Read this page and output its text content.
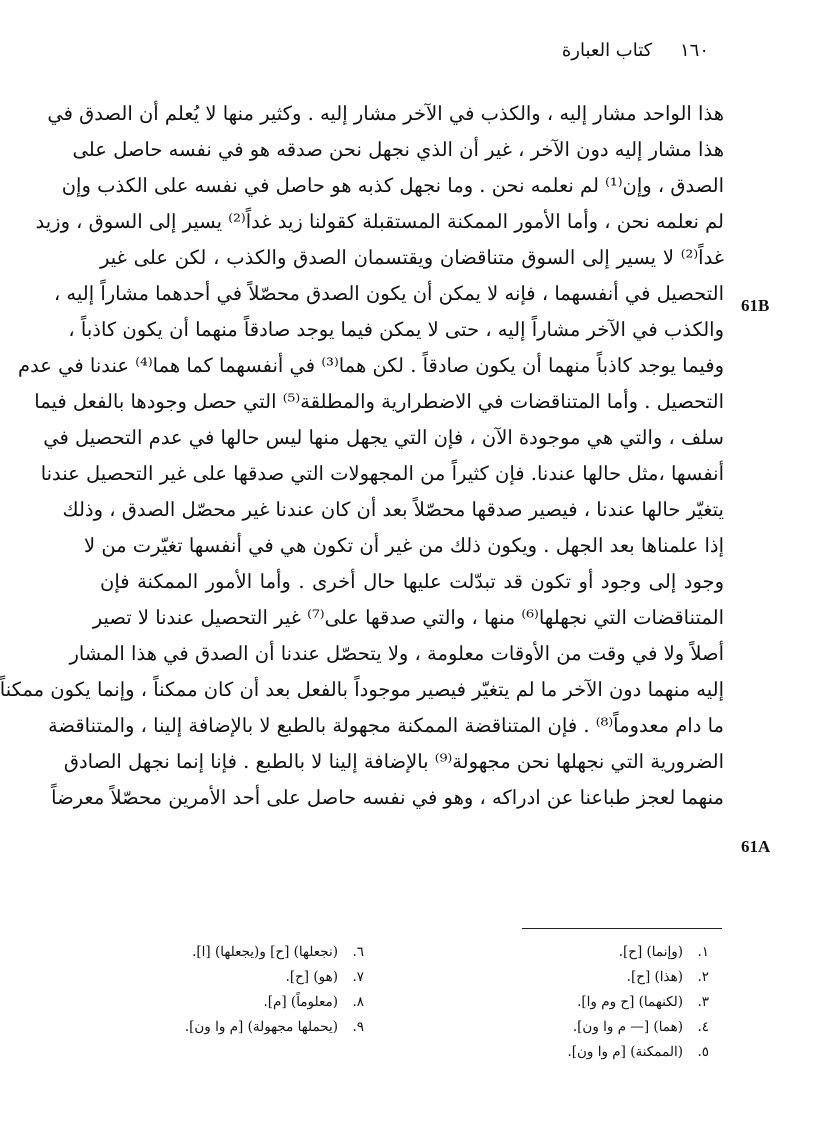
١٦٠ كتاب العبارة
هذا الواحد مشار إليه ، والكذب في الآخر مشار إليه . وكثير منها لا يُعلم أن الصدق في
هذا مشار إليه دون الآخر ، غير أن الذي نجهل نحن صدقه هو في نفسه حاصل على
الصدق ، وإن⁽¹⁾ لم نعلمه نحن . وما نجهل كذبه هو حاصل في نفسه على الكذب وإن
لم نعلمه نحن ، وأما الأمور الممكنة المستقبلة كقولنا زيد غداً⁽²⁾ يسير إلى السوق ، وزيد
غداً⁽²⁾ لا يسير إلى السوق متناقضان ويقتسمان الصدق والكذب ، لكن على غير
التحصيل في أنفسهما ، فإنه لا يمكن أن يكون الصدق محصّلاً في أحدهما مشاراً إليه ،
والكذب في الآخر مشاراً إليه ، حتى لا يمكن فيما يوجد صادقاً منهما أن يكون كاذباً ،
وفيما يوجد كاذباً منهما أن يكون صادقاً . لكن هما⁽³⁾ في أنفسهما كما هما⁽⁴⁾ عندنا في عدم
التحصيل . وأما المتناقضات في الاضطرارية والمطلقة⁽⁵⁾ التي حصل وجودها بالفعل فيما
سلف ، والتي هي موجودة الآن ، فإن التي يجهل منها ليس حالها في عدم التحصيل في
أنفسها ،مثل حالها عندنا. فإن كثيراً من المجهولات التي صدقها على غير التحصيل عندنا
يتغيّر حالها عندنا ، فيصير صدقها محصّلاً بعد أن كان عندنا غير محصّل الصدق ، وذلك
إذا علمناها بعد الجهل . ويكون ذلك من غير أن تكون هي في أنفسها تغيّرت من لا
وجود إلى وجود أو تكون قد تبدّلت عليها حال أخرى . وأما الأمور الممكنة فإن
المتناقضات التي نجهلها⁽⁶⁾ منها ، والتي صدقها على⁽⁷⁾ غير التحصيل عندنا لا تصير
أصلاً ولا في وقت من الأوقات معلومة ، ولا يتحصّل عندنا أن الصدق في هذا المشار
إليه منهما دون الآخر ما لم يتغيّر فيصير موجوداً بالفعل بعد أن كان ممكناً ، وإنما يكون ممكناً
ما دام معدوماً⁽⁸⁾ . فإن المتناقضة الممكنة مجهولة بالطبع لا بالإضافة إلينا ، والمتناقضة
الضرورية التي نجهلها نحن مجهولة⁽⁹⁾ بالإضافة إلينا لا بالطبع . فإنا إنما نجهل الصادق
منهما لعجز طباعنا عن ادراكه ، وهو في نفسه حاصل على أحد الأمرين محصّلاً معرضاً
61B
61A
١.(وإنما) [ح].
٢.(هذا) [ح].
٣.(لكنهما) [ح وم وا].
٤.(هما) [— م وا ون].
٥.(الممكنة) [م وا ون].
٦.(نجعلها) [ح] و(يجعلها) [ا].
٧.(هو) [ح].
٨.(معلوماً) [م].
٩.(يحملها مجهولة) [م وا ون].
